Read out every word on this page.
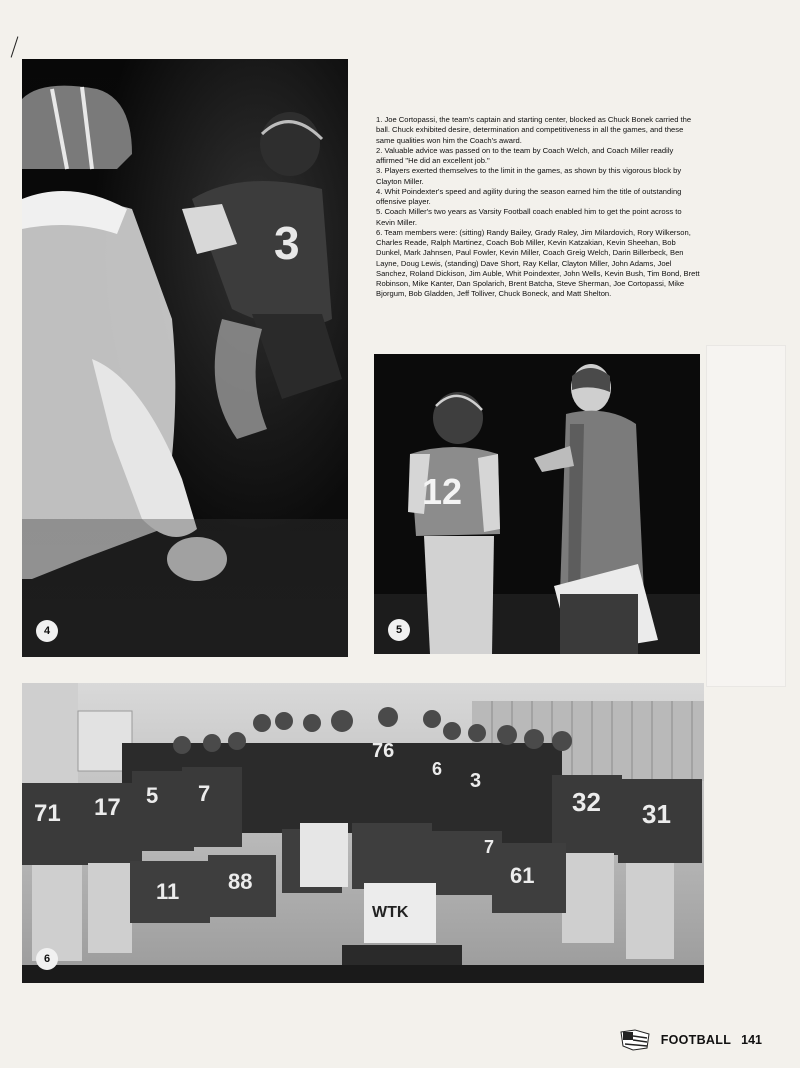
3
4

1. Joe Cortopassi, the team's captain and starting center, blocked as Chuck Bonek carried the ball. Chuck exhibited desire, determination and competitiveness in all the games, and these same qualities won him the Coach's award.

2. Valuable advice was passed on to the team by Coach Welch, and Coach Miller readily affirmed "He did an excellent job."

3. Players exerted themselves to the limit in the games, as shown by this vigorous block by Clayton Miller.

4. Whit Poindexter's speed and agility during the season earned him the title of outstanding offensive player.

5. Coach Miller's two years as Varsity Football coach enabled him to get the point across to Kevin Miller.

6. Team members were: (sitting) Randy Bailey, Grady Raley, Jim Milardovich, Rory Wilkerson, Charles Reade, Ralph Martinez, Coach Bob Miller, Kevin Katzakian, Kevin Sheehan, Bob Dunkel, Mark Jahnsen, Paul Fowler, Kevin Miller, Coach Greig Welch, Darin Billerbeck, Ben Layne, Doug Lewis, (standing) Dave Short, Ray Kellar, Clayton Miller, John Adams, Joel Sanchez, Roland Dickison, Jim Auble, Whit Poindexter, John Wells, Kevin Bush, Tim Bond, Brett Robinson, Mike Kanter, Dan Spolarich, Brent Batcha, Steve Sherman, Joe Cortopassi, Mike Bjorgum, Bob Gladden, Jeff Tolliver, Chuck Boneck, and Matt Shelton.

12
5
71 17 5 7
76
6
3
32 31
11 88	61
7
WTK
6
FOOTBALL 141
